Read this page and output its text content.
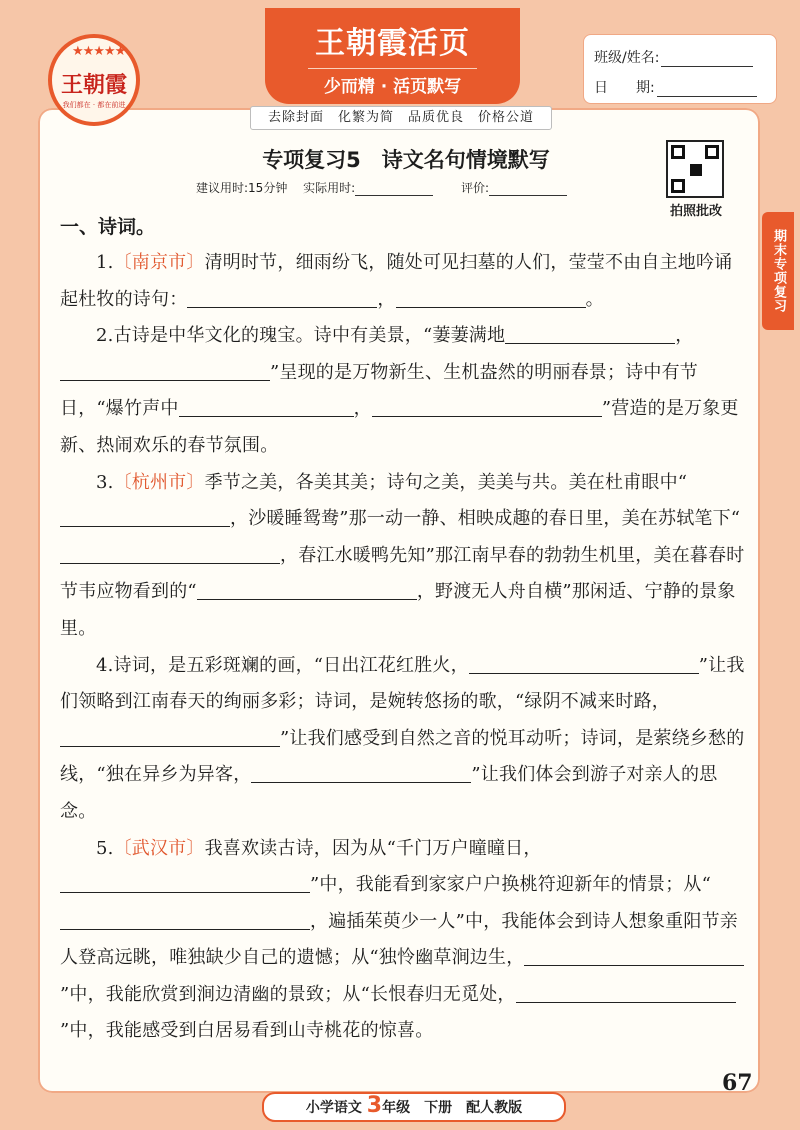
★★★★★
王朝霞
我们都在 · 都在前进
王朝霞活页
少而精 · 活页默写
班级/姓名:
日　　期:
去除封面　化繁为简　品质优良　价格公道
专项复习5　诗文名句情境默写
建议用时:15分钟　 实际用时:　　	评价:
拍照批改
期末专项复习
一、诗词。

1.〔南京市〕清明时节，细雨纷飞，随处可见扫墓的人们，莹莹不由自主地吟诵起杜牧的诗句：	，	。

2.古诗是中华文化的瑰宝。诗中有美景，“萋萋满地	，”呈现的是万物新生、生机盎然的明丽春景；诗中有节日，“爆竹声中	，	”营造的是万象更新、热闹欢乐的春节氛围。

3.〔杭州市〕季节之美，各美其美；诗句之美，美美与共。美在杜甫眼中“，沙暖睡鸳鸯”那一动一静、相映成趣的春日里，美在苏轼笔下“，春江水暖鸭先知”那江南早春的勃勃生机里，美在暮春时节韦应物看到的“	，野渡无人舟自横”那闲适、宁静的景象里。

4.诗词，是五彩斑斓的画，“日出江花红胜火，	”让我们领略到江南春天的绚丽多彩；诗词，是婉转悠扬的歌，“绿阴不减来时路，”让我们感受到自然之音的悦耳动听；诗词，是萦绕乡愁的线，“独在异乡为异客，	”让我们体会到游子对亲人的思念。

5.〔武汉市〕我喜欢读古诗，因为从“千门万户曈曈日，”中，我能看到家家户户换桃符迎新年的情景；从“，遍插茱萸少一人”中，我能体会到诗人想象重阳节亲人登高远眺，唯独缺少自己的遗憾；从“独怜幽草涧边生，”中，我能欣赏到涧边清幽的景致；从“长恨春归无觅处，”中，我能感受到白居易看到山寺桃花的惊喜。

小学语文 3年级　 下册　 配人教版
67
